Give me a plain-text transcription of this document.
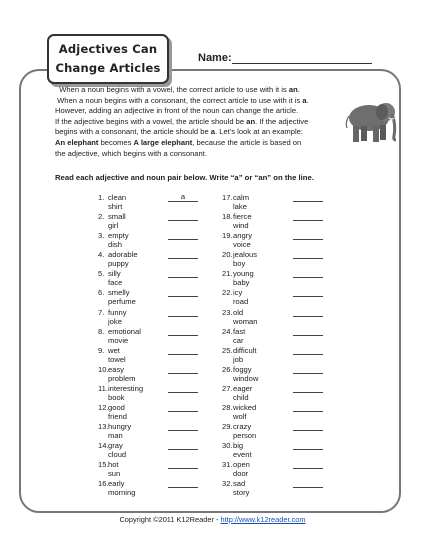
Adjectives Can
Change Articles
Name:

When a noun begins with a vowel, the correct article to use with it is an.

When a noun begins with a consonant, the correct article to use with it is a.

However, adding an adjective in front of the noun can change the article.

If the adjective begins with a vowel, the article should be an. If the adjective

begins with a consonant, the article should be a. Let's look at an example:

An elephant becomes A large elephant, because the article is based on

the adjective, which begins with a consonant.

Read each adjective and noun pair below. Write “a” or “an” on the line.
1. clean shirt
a
2. small girl
3. empty dish
4. adorable puppy
5. silly face
6. smelly perfume
7. funny joke
8. emotional movie
9. wet towel
10. easy problem
11. interesting book
12. good friend
13. hungry man
14. gray cloud
15. hot sun
16. early morning
17. calm lake
18. fierce wind
19. angry voice
20. jealous boy
21. young baby
22. icy road
23. old woman
24. fast car
25. difficult job
26. foggy window
27. eager child
28. wicked wolf
29. crazy person
30. big event
31. open door
32. sad story
Copyright ©2011 K12Reader - http://www.k12reader.com
